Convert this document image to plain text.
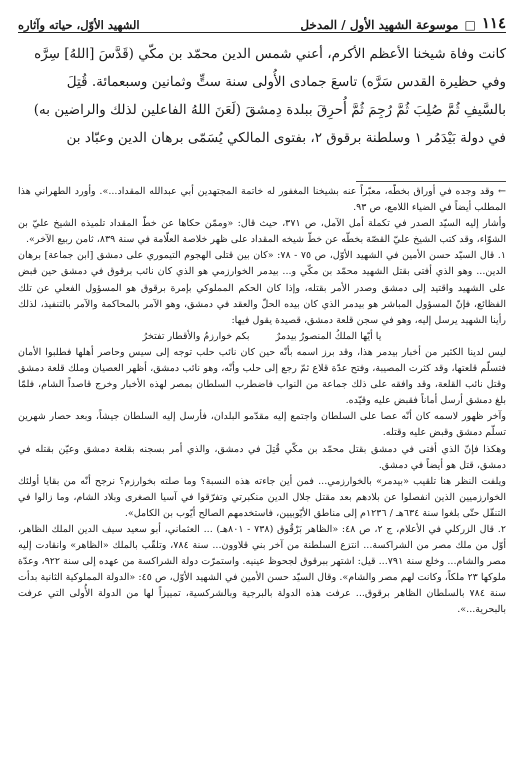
١١٤
□
موسوعة الشهيد الأول / المدخل
الشهيد الأوّل، حياته وآثاره

كانت وفاة شيخنا الأعظم الأكرم، أعني شمس الدين محمّد بن مكّي (قَدَّسَ [اللهُ] سِرَّه

وفي حظيرة القدس سَرَّه) تاسعَ جمادى الأُولى سنة ستٍّ وثمانين وسبعمائة. قُتِلَ

بالسَّيفِ ثُمَّ صُلِبَ ثُمَّ رُجِمَ ثُمَّ أُحرِقَ ببلدة دِمشقَ (لَعَنَ اللهُ الفاعلين لذلك والراضين به)

في دولة بَيْدَمُر ١ وسلطنة برقوق ٢، بفتوى المالكي يُسَمّى برهان الدين وعبّاد بن

← وقد وجده في أوراق بخطّه، معبّراً عنه بشيخنا المغفور له خاتمة المجتهدين أبي عبدالله المقداد...». وأورد الطهراني هذا المطلب أيضاً في الضياء اللامع، ص ٩٣.

وأشار إليه السيّد الصدر في تكملة أمل الآمل، ص ٣٧١، حيث قال: «وممّن حكاها عن خطّ المقداد تلميذه الشيخ عليّ بن الشوّاء، وقد كتب الشيخ عليّ القصّة بخطّه عن خطّ شيخه المقداد على ظهر خلاصة العلّامة في سنة ٨٣٩، ثامن ربيع الآخر».

١. قال السيّد حسن الأمين في الشهيد الأوّل، ص ٧٥ - ٧٨: «كان بين قتلى الهجوم التيموري على دمشق [ابن جماعة] برهان الدين... وهو الذي أفتى بقتل الشهيد محمّد بن مكّي و... بيدمر الخوارزمي هو الذي كان نائب برقوق في دمشق حين قبض على الشهيد واقتيد إلى دمشق وصدر الأمر بقتله، وإذا كان الحكم المملوكي بإمرة برقوق هو المسؤول الفعلي عن تلك الفظائع، فإنّ المسؤول المباشر هو بيدمر الذي كان بيده الحلّ والعقد في دمشق، وهو الآمر بالمحاكمة والآمر بالتنفيذ، لذلك رأينا الشهيد يرسل إليه، وهو في سجن قلعة دمشق، قصيدة يقول فيها:

يا أيّها الملكُ المنصورُ بيدمرٌ
بكم خوارزمُ والأقطار تفتخرُ

ليس لدينا الكثير من أخبار بيدمر هذا، وقد برز اسمه بأنّه حين كان نائب حلب توجه إلى سيس وحاصر أهلها فطلبوا الأمان فتسلّم قلعتها، وقد كثرت المصيبة، وفتح عدّة قلاع ثمّ رجع إلى حلب وأنّه، وهو نائب دمشق، أظهر العصيان وملك قلعة دمشق وقتل نائب القلعة، وقد وافقه على ذلك جماعة من النواب فاضطرب السلطان بمصر لهذه الأخبار وخرج قاصداً الشام، فلمّا بلغ دمشق أرسل أماناً فقبض عليه وقيّده.

وآخر ظهور لاسمه كان أنّه عصا على السلطان واجتمع إليه مقدّمو البلدان، فأرسل إليه السلطان جيشاً، وبعد حصار شهرين تسلّم دمشق وقبض عليه وقتله.

وهكذا فإنّ الذي أفتى في دمشق بقتل محمّد بن مكّي قُتِلَ في دمشق، والذي أمر بسجنه بقلعة دمشق وعيّن بقتله في دمشق، قتل هو أيضاً في دمشق.

ويلفت النظر هنا تلقيب «بيدمر» بالخوارزمي... فمن أين جاءته هذه النسبة؟ وما صلته بخوارزم؟ نرجح أنّه من بقايا أولئك الخوارزميين الذين انفصلوا عن بلادهم بعد مقتل جلال الدين منكبرتي وتفرّقوا في آسيا الصغرى وبلاد الشام، وما زالوا في التنقّل حتّى بلغوا سنة ٦٣٤هـ / ١٢٣٦م إلى مناطق الأيّوبيين، فاستخدمهم الصالح أيّوب بن الكامل».

٢. قال الزركلي في الأعلام، ج ٢، ص ٤٨: «الظاهر بَرْقُوق (٧٣٨ - ٨٠١هـ) ... العثماني، أبو سعيد سيف الدين الملك الظاهر، أوّل من ملك مصر من الشراكسة... انتزع السلطنة من آخر بني قلاوون... سنة ٧٨٤، وتلقّب بالملك «الظاهر» وانقادت إليه مصر والشام... وخلع سنة ٧٩١... قيل: اشتهر ببرقوق لجحوظ عينيه. واستمرّت دولة الشراكسة من عهده إلى سنة ٩٢٢، وعدّة ملوكها ٢٣ ملكاً، وكانت لهم مصر والشام». وقال السيّد حسن الأمين في الشهيد الأوّل، ص ٤٥: «الدولة المملوكية الثانية بدأت سنة ٧٨٤ بالسلطان الظاهر برقوق... عرفت هذه الدولة بالبرجية وبالشركسية، تمييزاً لها من الدولة الأُولى التي عرفت بالبحرية...».
